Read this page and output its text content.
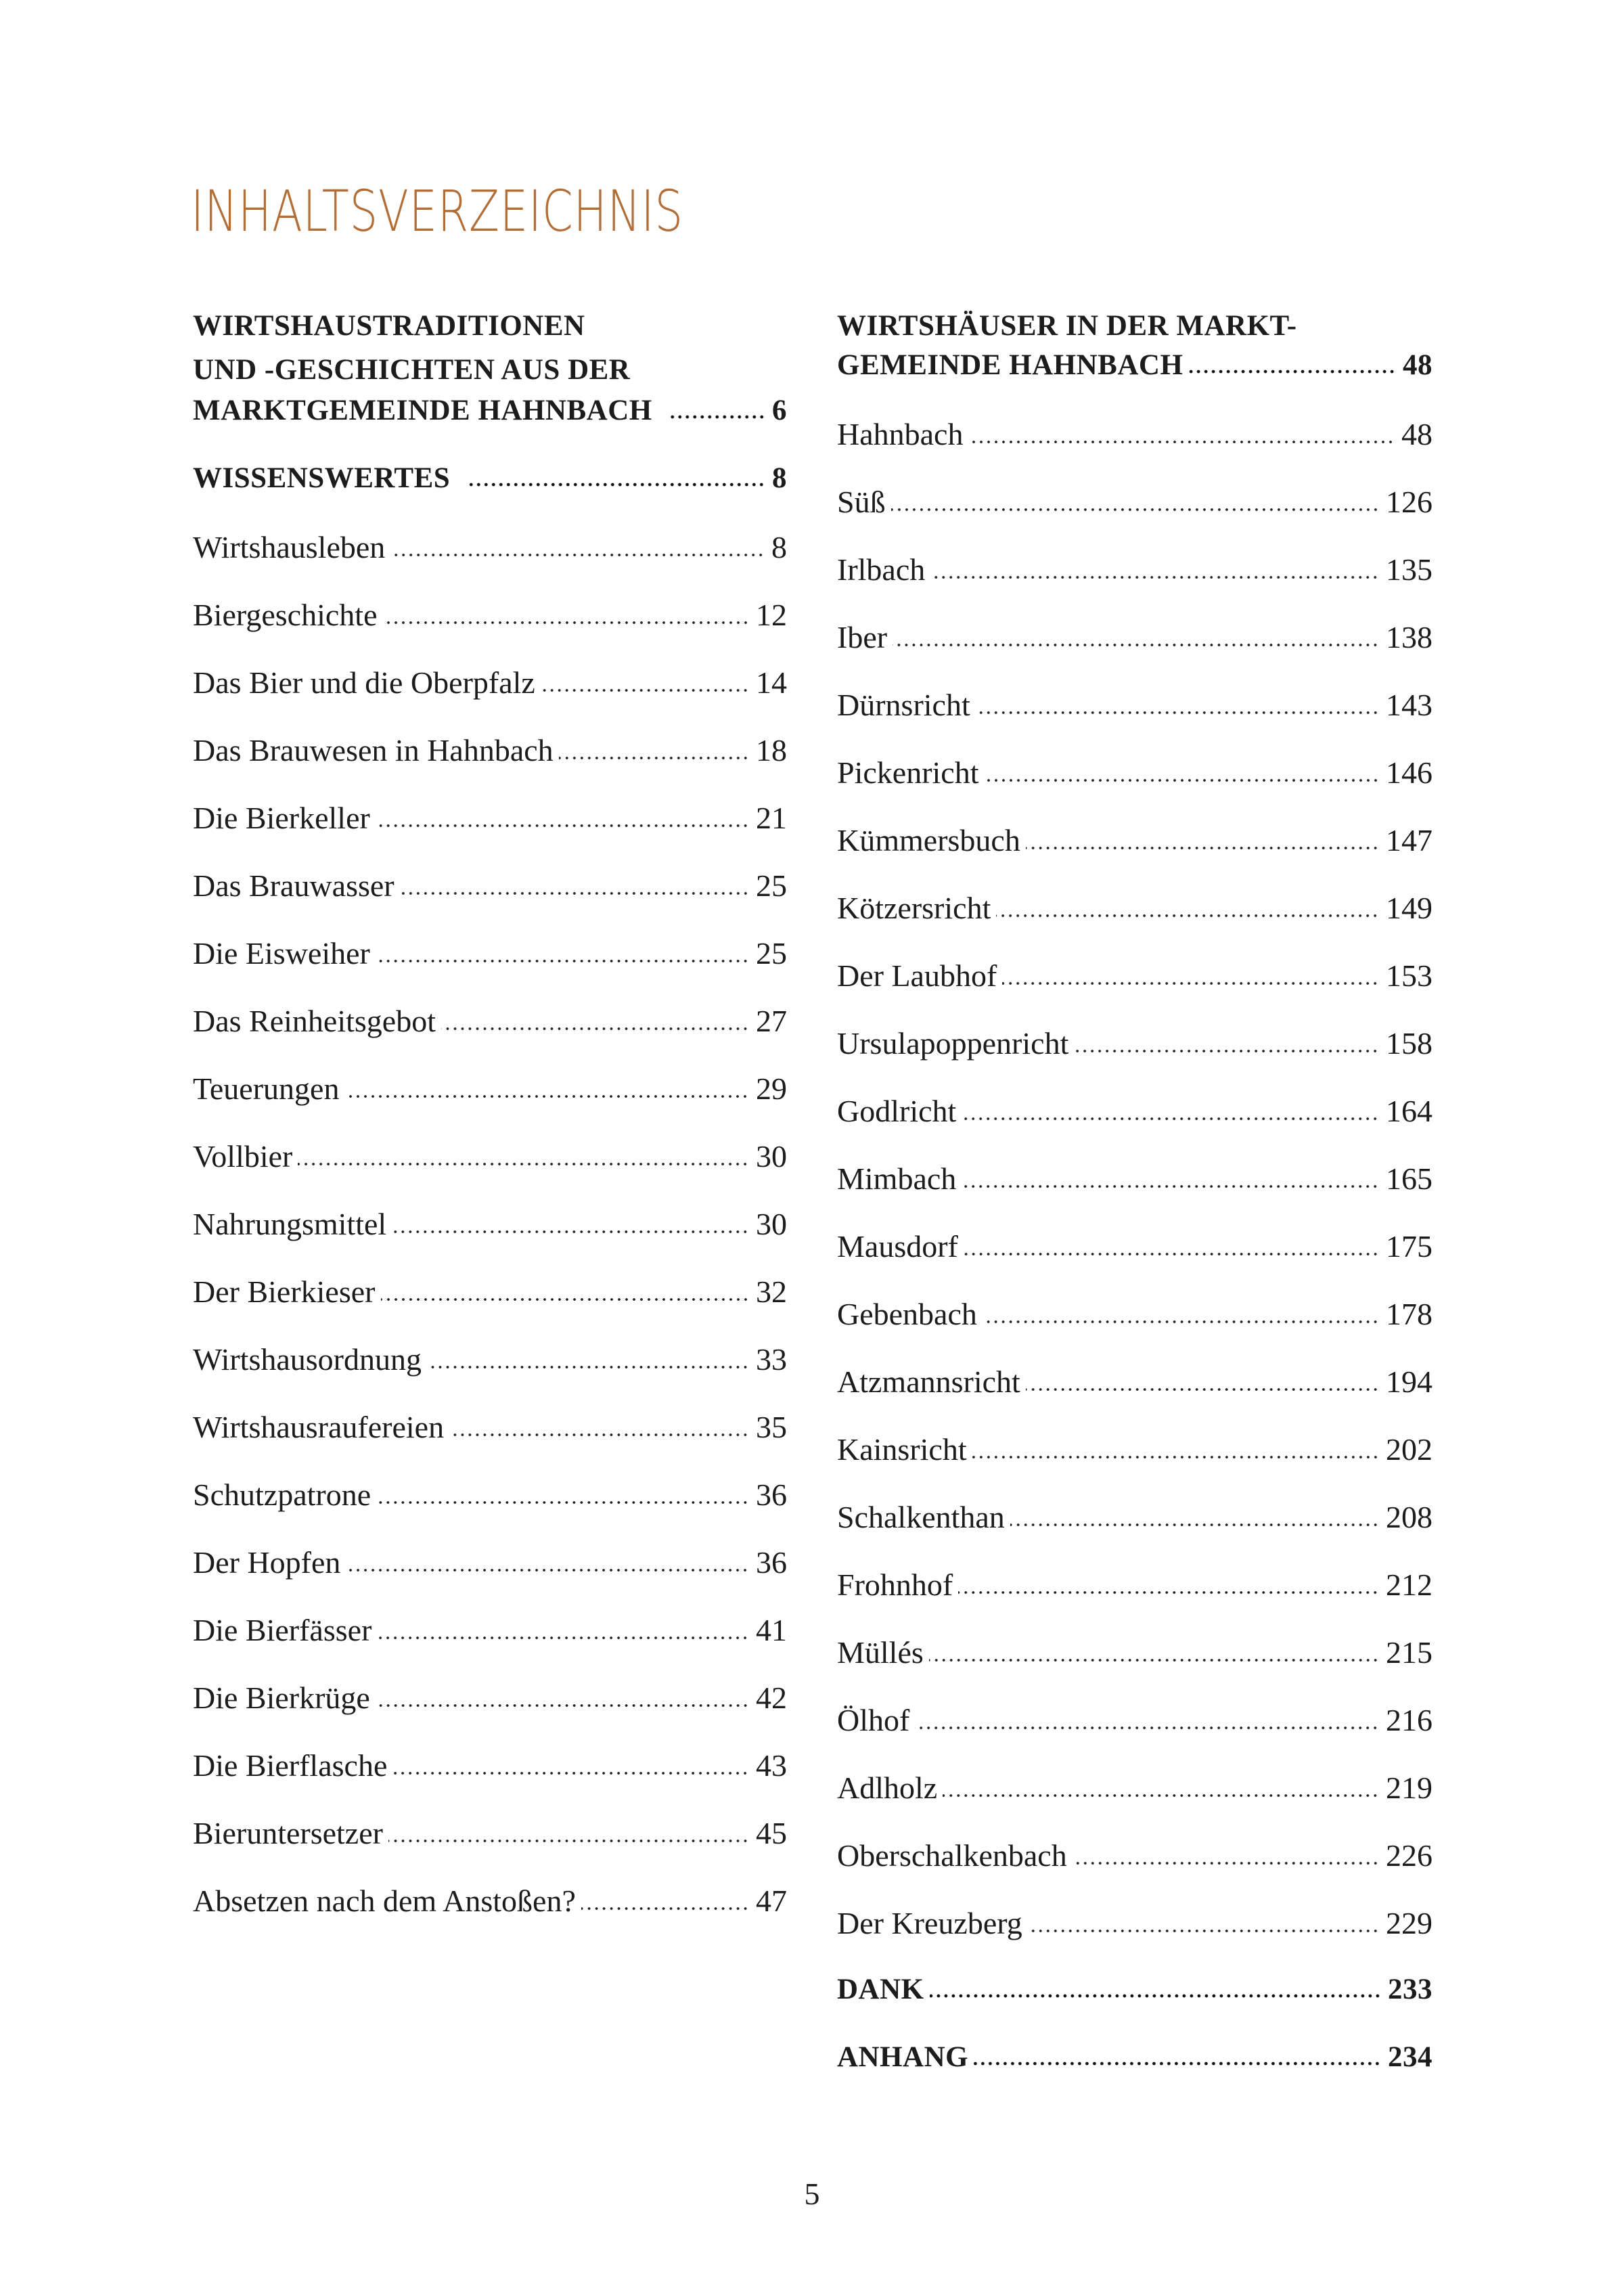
INHALTSVERZEICHNIS
WIRTSHAUSTRADITIONEN
UND -GESCHICHTEN AUS DER
MARKTGEMEINDE HAHNBACH	6
WISSENSWERTES	8
Wirtshausleben	8
Biergeschichte	12
Das Bier und die Oberpfalz	14
Das Brauwesen in Hahnbach	18
Die Bierkeller	21
Das Brauwasser	25
Die Eisweiher	25
Das Reinheitsgebot	27
Teuerungen	29
Vollbier	30
Nahrungsmittel	30
Der Bierkieser	32
Wirtshausordnung	33
Wirtshausraufereien	35
Schutzpatrone	36
Der Hopfen	36
Die Bierfässer	41
Die Bierkrüge	42
Die Bierflasche	43
Bieruntersetzer	45
Absetzen nach dem Anstoßen?	47
WIRTSHÄUSER IN DER MARKT-
GEMEINDE HAHNBACH	48
Hahnbach	48
Süß	126
Irlbach	135
Iber	138
Dürnsricht	143
Pickenricht	146
Kümmersbuch	147
Kötzersricht	149
Der Laubhof	153
Ursulapoppenricht	158
Godlricht	164
Mimbach	165
Mausdorf	175
Gebenbach	178
Atzmannsricht	194
Kainsricht	202
Schalkenthan	208
Frohnhof	212
Müllés	215
Ölhof	216
Adlholz	219
Oberschalkenbach	226
Der Kreuzberg	229
DANK	233
ANHANG	234
5
